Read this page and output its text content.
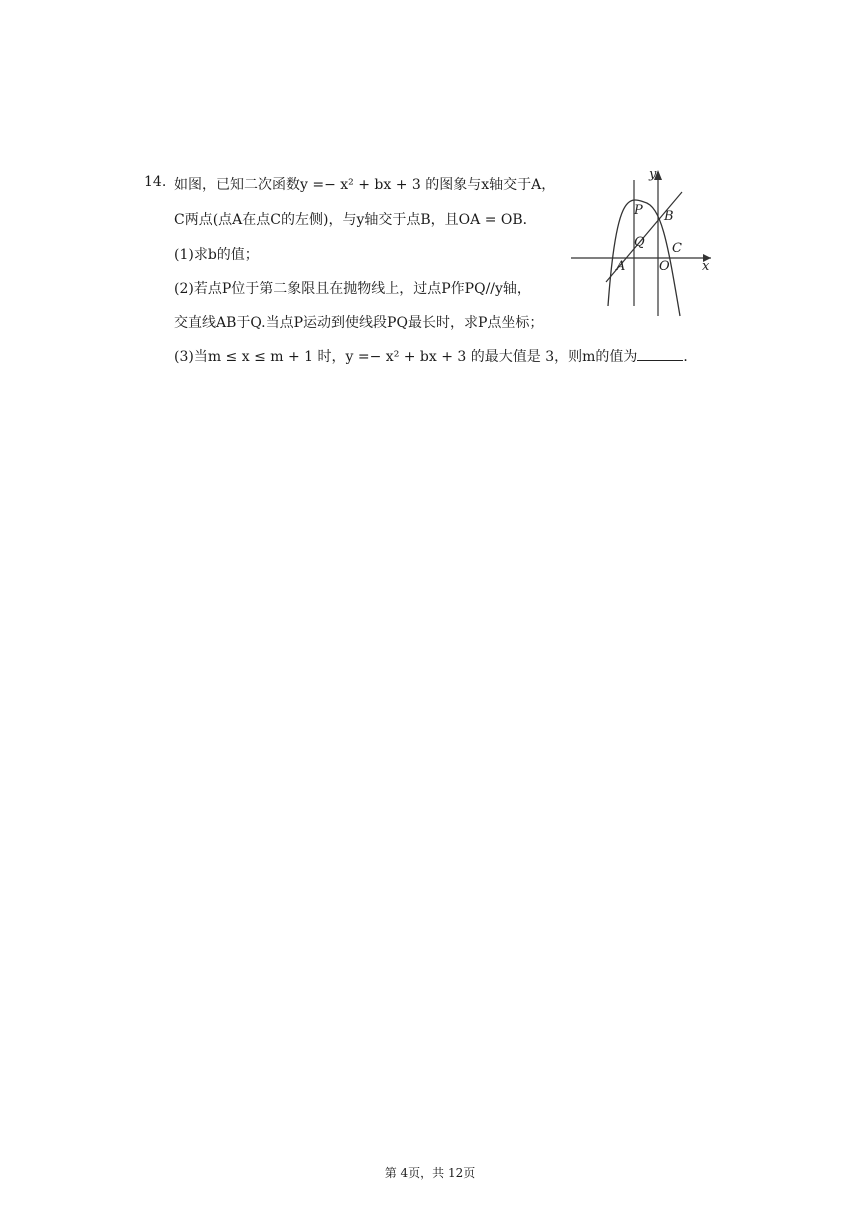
14. 如图，已知二次函数y =− x² + bx + 3 的图象与x轴交于A，
C两点(点A在点C的左侧)，与y轴交于点B，且OA = OB．
(1)求b的值；
(2)若点P位于第二象限且在抛物线上，过点P作PQ//y轴，
交直线AB于Q.当点P运动到使线段PQ最长时，求P点坐标；
(3)当m ≤ x ≤ m + 1 时，y =− x² + bx + 3 的最大值是 3，则m的值为	．
y
x
P B
Q C
A	O
第 4页，共 12页
